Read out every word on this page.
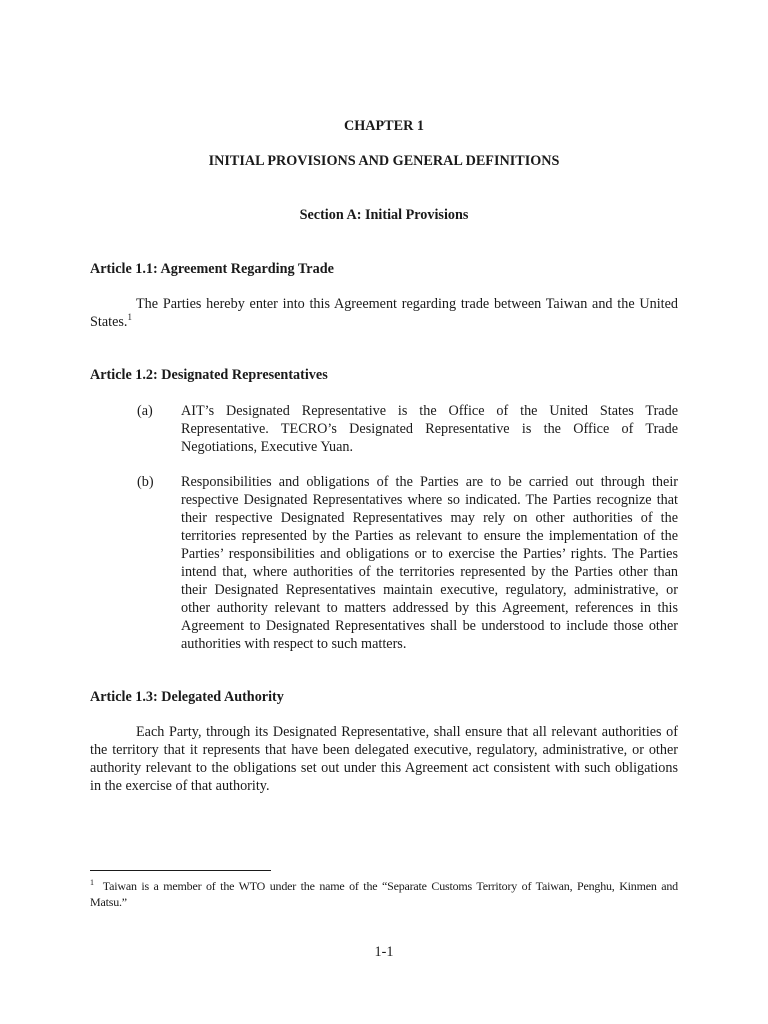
CHAPTER 1
INITIAL PROVISIONS AND GENERAL DEFINITIONS
Section A: Initial Provisions
Article 1.1: Agreement Regarding Trade
The Parties hereby enter into this Agreement regarding trade between Taiwan and the United States.$^1$
Article 1.2: Designated Representatives
(a) AIT’s Designated Representative is the Office of the United States Trade Representative. TECRO’s Designated Representative is the Office of Trade Negotiations, Executive Yuan.
(b) Responsibilities and obligations of the Parties are to be carried out through their respective Designated Representatives where so indicated. The Parties recognize that their respective Designated Representatives may rely on other authorities of the territories represented by the Parties as relevant to ensure the implementation of the Parties’ responsibilities and obligations or to exercise the Parties’ rights. The Parties intend that, where authorities of the territories represented by the Parties other than their Designated Representatives maintain executive, regulatory, administrative, or other authority relevant to matters addressed by this Agreement, references in this Agreement to Designated Representatives shall be understood to include those other authorities with respect to such matters.
Article 1.3: Delegated Authority
Each Party, through its Designated Representative, shall ensure that all relevant authorities of the territory that it represents that have been delegated executive, regulatory, administrative, or other authority relevant to the obligations set out under this Agreement act consistent with such obligations in the exercise of that authority.
$^1$ Taiwan is a member of the WTO under the name of the “Separate Customs Territory of Taiwan, Penghu, Kinmen and Matsu.”
1-1
